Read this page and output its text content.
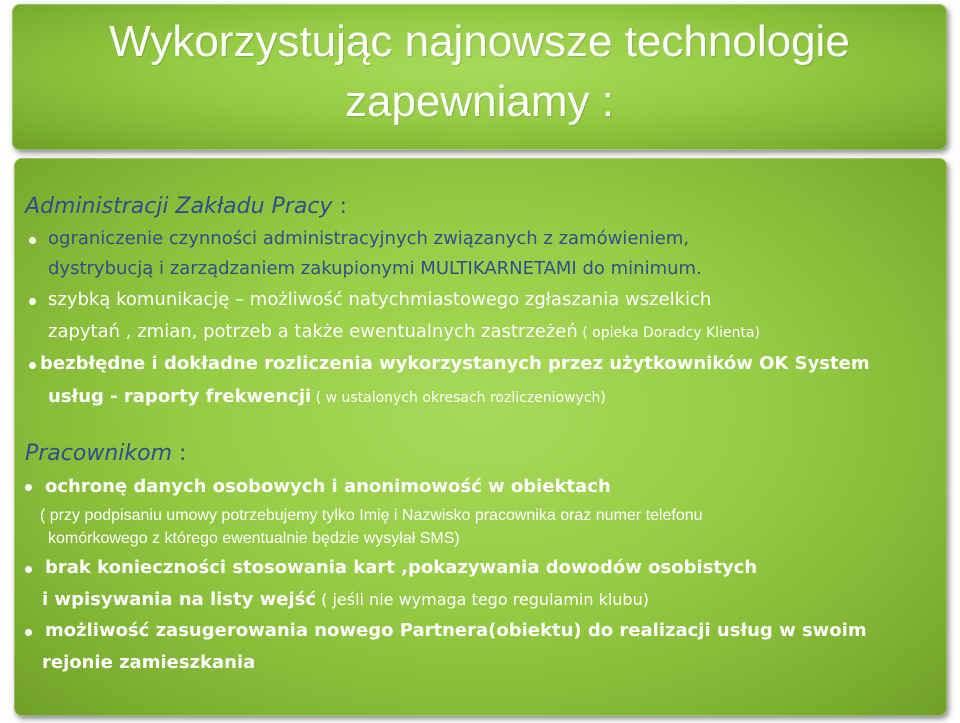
Wykorzystując najnowsze technologie
zapewniamy :
Administracji Zakładu Pracy :
ograniczenie czynności administracyjnych związanych z zamówieniem,
dystrybucją i zarządzaniem zakupionymi MULTIKARNETAMI do minimum.
szybką komunikację – możliwość natychmiastowego zgłaszania wszelkich
zapytań , zmian, potrzeb a także ewentualnych zastrzeżeń ( opieka Doradcy Klienta)
bezbłędne i dokładne rozliczenia wykorzystanych przez użytkowników OK System
usług - raporty frekwencji ( w ustalonych okresach rozliczeniowych)
Pracownikom :
ochronę danych osobowych i anonimowość w obiektach
( przy podpisaniu umowy potrzebujemy tylko Imię i Nazwisko pracownika oraz numer telefonu
komórkowego z którego ewentualnie będzie wysyłał SMS)
brak konieczności stosowania kart ,pokazywania dowodów osobistych
i wpisywania na listy wejść ( jeśli nie wymaga tego regulamin klubu)
możliwość zasugerowania nowego Partnera(obiektu) do realizacji usług w swoim
rejonie zamieszkania
